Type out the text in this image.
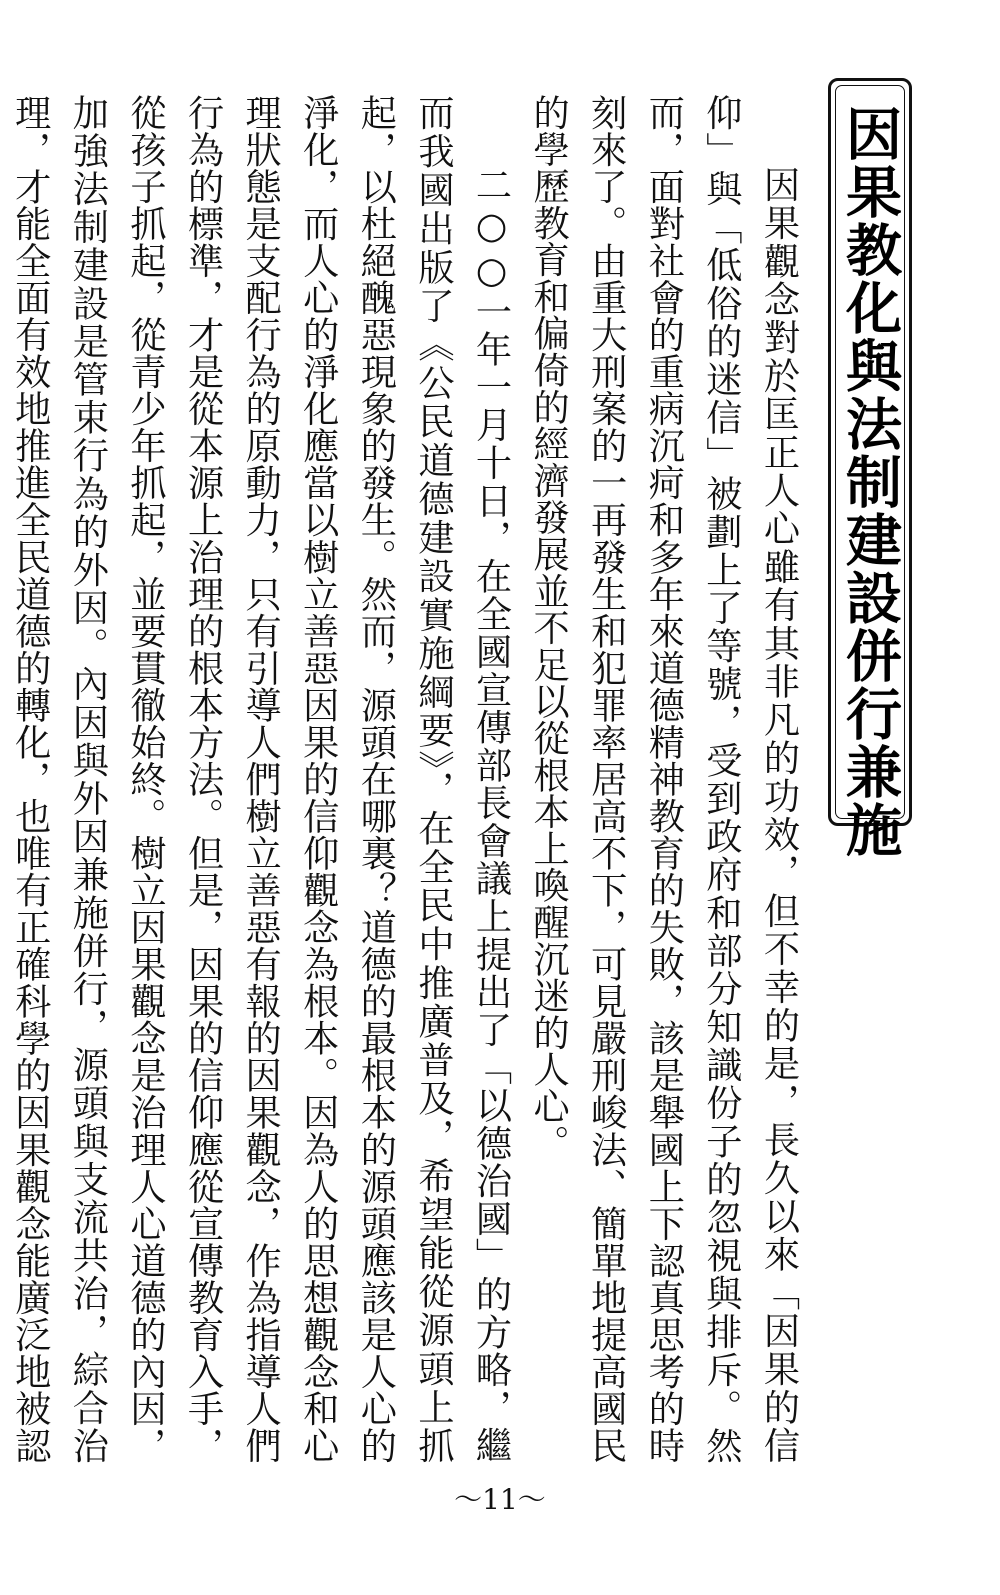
因果教化與法制建設併行兼施

因果觀念對於匡正人心雖有其非凡的功效，但不幸的是，長久以來「因果的信仰」與「低俗的迷信」被劃上了等號，受到政府和部分知識份子的忽視與排斥。然而，面對社會的重病沉疴和多年來道德精神教育的失敗，該是舉國上下認真思考的時刻來了。由重大刑案的一再發生和犯罪率居高不下，可見嚴刑峻法、簡單地提高國民的學歷教育和偏倚的經濟發展並不足以從根本上喚醒沉迷的人心。

二○○一年一月十日，在全國宣傳部長會議上提出了「以德治國」的方略，繼而我國出版了《公民道德建設實施綱要》，在全民中推廣普及，希望能從源頭上抓起，以杜絕醜惡現象的發生。然而，源頭在哪裏？道德的最根本的源頭應該是人心的淨化，而人心的淨化應當以樹立善惡因果的信仰觀念為根本。因為人的思想觀念和心理狀態是支配行為的原動力，只有引導人們樹立善惡有報的因果觀念，作為指導人們行為的標準，才是從本源上治理的根本方法。但是，因果的信仰應從宣傳教育入手，從孩子抓起，從青少年抓起，並要貫徹始終。樹立因果觀念是治理人心道德的內因，加強法制建設是管束行為的外因。內因與外因兼施併行，源頭與支流共治，綜合治理，才能全面有效地推進全民道德的轉化，也唯有正確科學的因果觀念能廣泛地被認

～11～
